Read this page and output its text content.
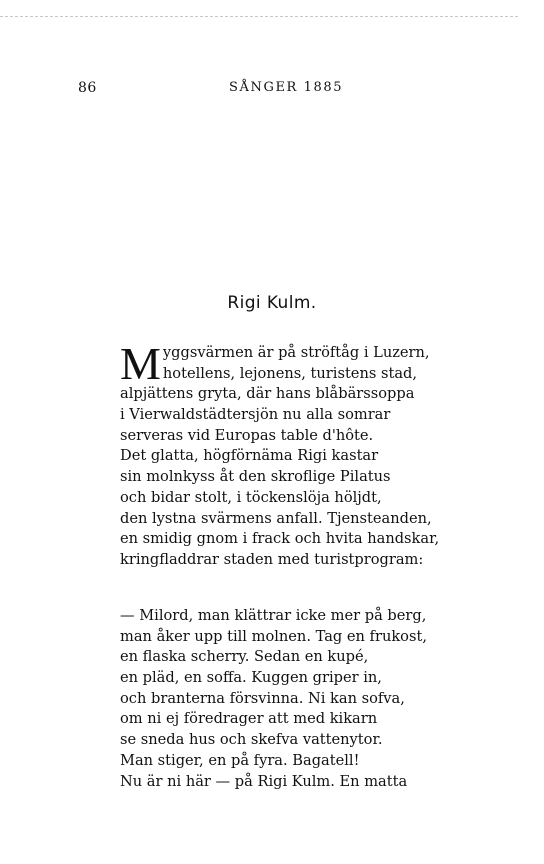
86	SÅNGER 1885
Rigi Kulm.
M yggsvärmen är på ströftåg i Luzern,
hotellens, lejonens, turistens stad,
alpjättens gryta, där hans blåbärssoppa
i Vierwaldstädtersjön nu alla somrar
serveras vid Europas table d'hôte.
Det glatta, högförnäma Rigi kastar
sin molnkyss åt den skroflige Pilatus
och bidar stolt, i töckenslöja höljdt,
den lystna svärmens anfall. Tjensteanden,
en smidig gnom i frack och hvita handskar,
kringfladdrar staden med turistprogram:
— Milord, man klättrar icke mer på berg,
man åker upp till molnen. Tag en frukost,
en flaska scherry. Sedan en kupé,
en pläd, en soffa. Kuggen griper in,
och branterna försvinna. Ni kan sofva,
om ni ej föredrager att med kikarn
se sneda hus och skefva vattenytor.
Man stiger, en på fyra. Bagatell!
Nu är ni här — på Rigi Kulm. En matta
